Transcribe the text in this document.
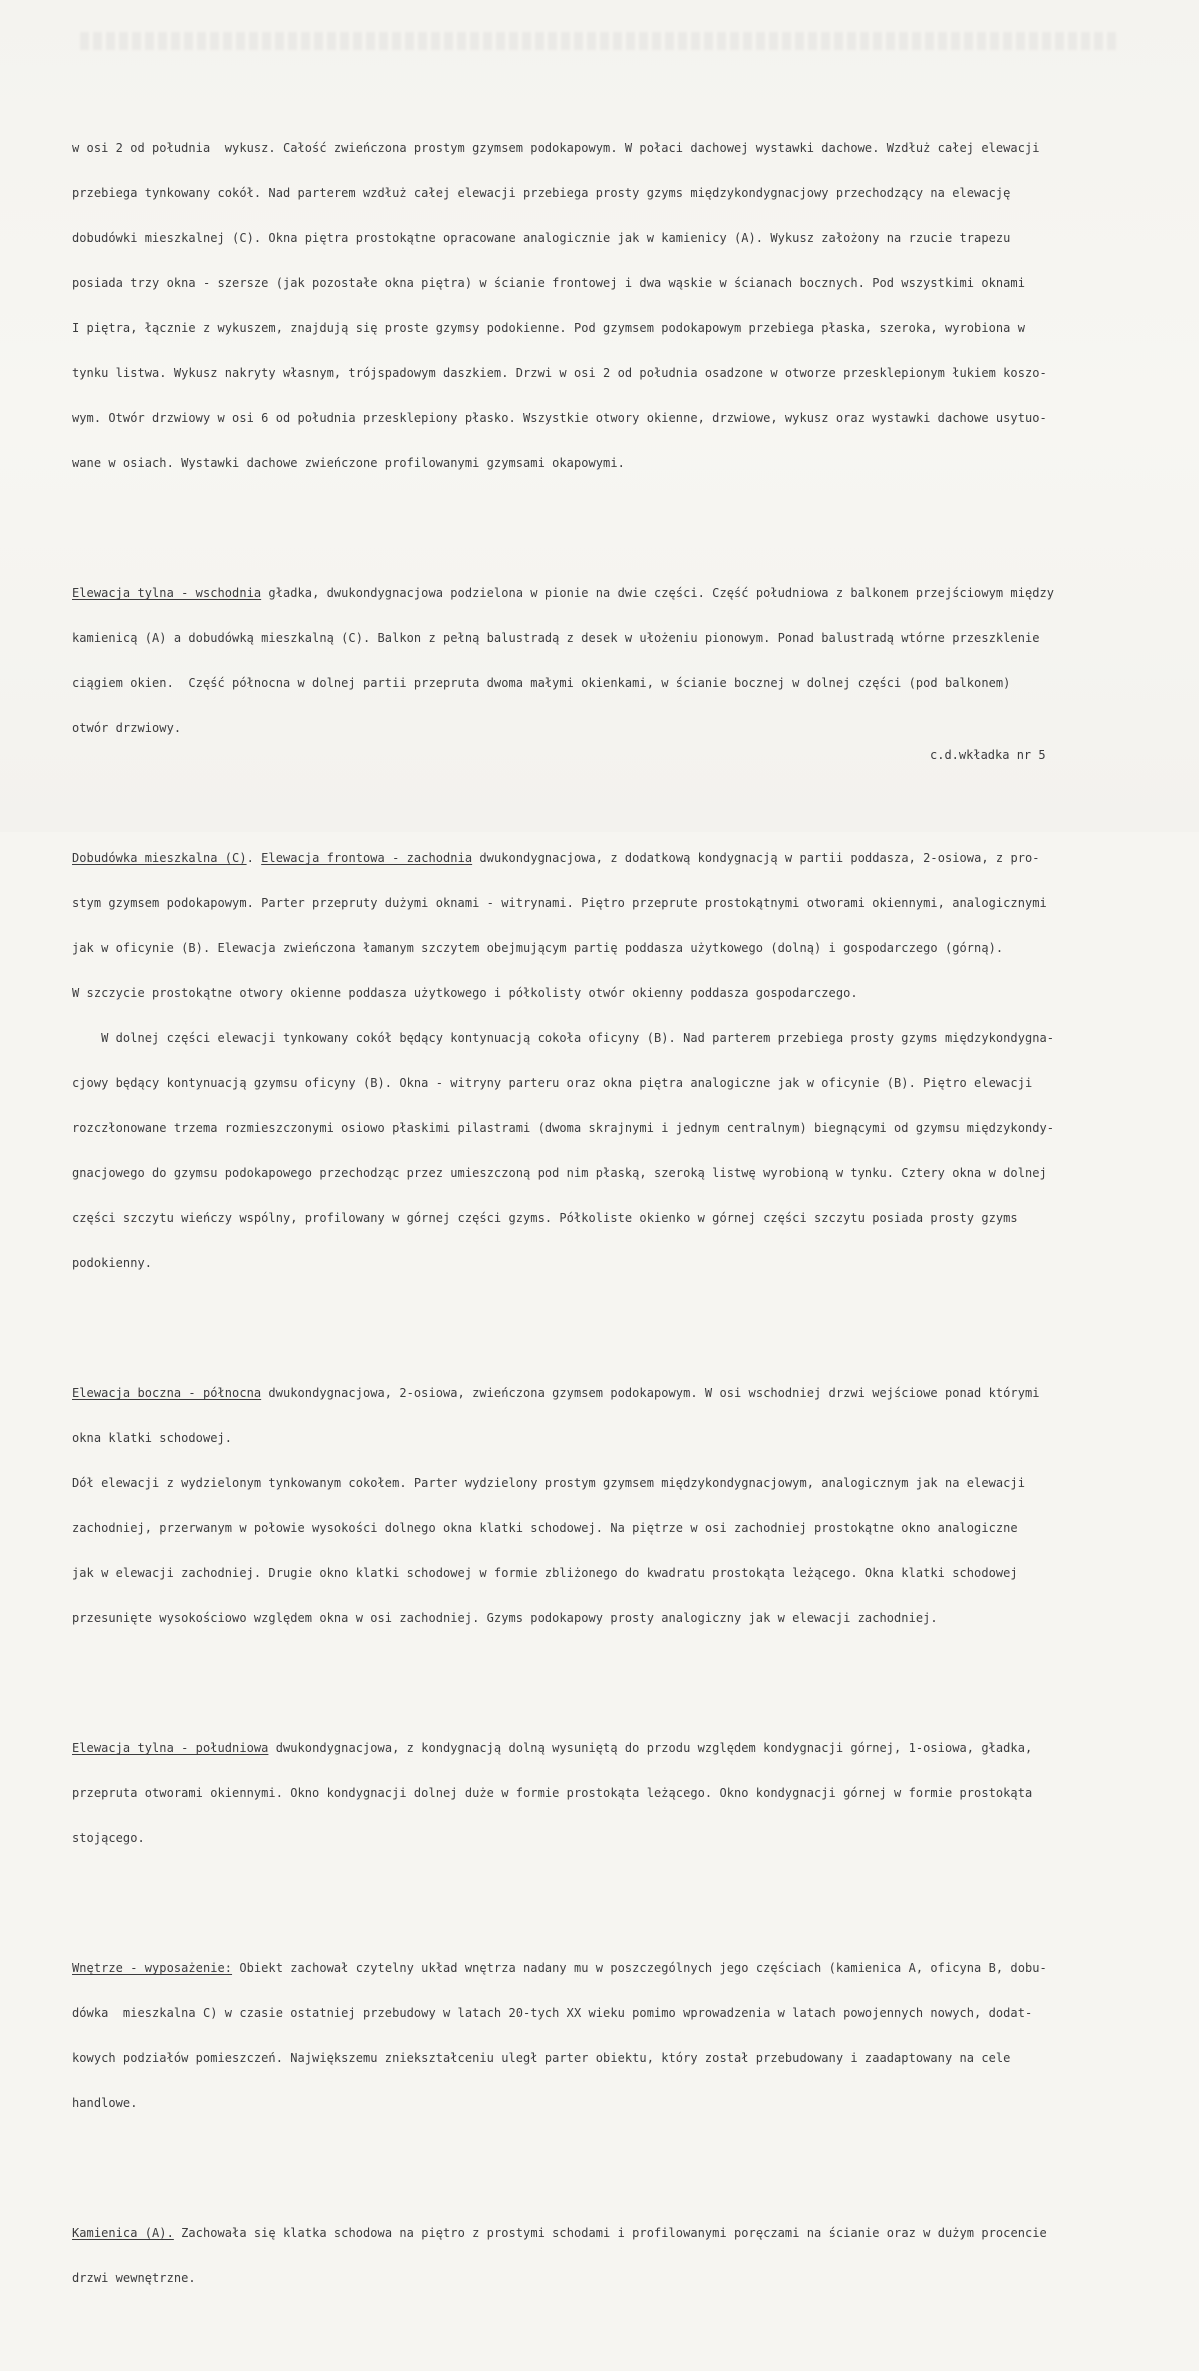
w osi 2 od południa  wykusz. Całość zwieńczona prostym gzymsem podokapowym. W połaci dachowej wystawki dachowe. Wzdłuż całej elewacji

przebiega tynkowany cokół. Nad parterem wzdłuż całej elewacji przebiega prosty gzyms międzykondygnacjowy przechodzący na elewację

dobudówki mieszkalnej (C). Okna piętra prostokątne opracowane analogicznie jak w kamienicy (A). Wykusz założony na rzucie trapezu

posiada trzy okna - szersze (jak pozostałe okna piętra) w ścianie frontowej i dwa wąskie w ścianach bocznych. Pod wszystkimi oknami

I piętra, łącznie z wykuszem, znajdują się proste gzymsy podokienne. Pod gzymsem podokapowym przebiega płaska, szeroka, wyrobiona w

tynku listwa. Wykusz nakryty własnym, trójspadowym daszkiem. Drzwi w osi 2 od południa osadzone w otworze przesklepionym łukiem koszo-

wym. Otwór drzwiowy w osi 6 od południa przesklepiony płasko. Wszystkie otwory okienne, drzwiowe, wykusz oraz wystawki dachowe usytuo-

wane w osiach. Wystawki dachowe zwieńczone profilowanymi gzymsami okapowymi.

Elewacja tylna - wschodnia gładka, dwukondygnacjowa podzielona w pionie na dwie części. Część południowa z balkonem przejściowym między

kamienicą (A) a dobudówką mieszkalną (C). Balkon z pełną balustradą z desek w ułożeniu pionowym. Ponad balustradą wtórne przeszklenie

ciągiem okien.  Część północna w dolnej partii przepruta dwoma małymi okienkami, w ścianie bocznej w dolnej części (pod balkonem)

otwór drzwiowy.

Dobudówka mieszkalna (C). Elewacja frontowa - zachodnia dwukondygnacjowa, z dodatkową kondygnacją w partii poddasza, 2-osiowa, z pro-

stym gzymsem podokapowym. Parter przepruty dużymi oknami - witrynami. Piętro przeprute prostokątnymi otworami okiennymi, analogicznymi

jak w oficynie (B). Elewacja zwieńczona łamanym szczytem obejmującym partię poddasza użytkowego (dolną) i gospodarczego (górną).

W szczycie prostokątne otwory okienne poddasza użytkowego i półkolisty otwór okienny poddasza gospodarczego.

W dolnej części elewacji tynkowany cokół będący kontynuacją cokoła oficyny (B). Nad parterem przebiega prosty gzyms międzykondygna-

cjowy będący kontynuacją gzymsu oficyny (B). Okna - witryny parteru oraz okna piętra analogiczne jak w oficynie (B). Piętro elewacji

rozczłonowane trzema rozmieszczonymi osiowo płaskimi pilastrami (dwoma skrajnymi i jednym centralnym) biegnącymi od gzymsu międzykondy-

gnacjowego do gzymsu podokapowego przechodząc przez umieszczoną pod nim płaską, szeroką listwę wyrobioną w tynku. Cztery okna w dolnej

części szczytu wieńczy wspólny, profilowany w górnej części gzyms. Półkoliste okienko w górnej części szczytu posiada prosty gzyms

podokienny.

Elewacja boczna - północna dwukondygnacjowa, 2-osiowa, zwieńczona gzymsem podokapowym. W osi wschodniej drzwi wejściowe ponad którymi

okna klatki schodowej.

Dół elewacji z wydzielonym tynkowanym cokołem. Parter wydzielony prostym gzymsem międzykondygnacjowym, analogicznym jak na elewacji

zachodniej, przerwanym w połowie wysokości dolnego okna klatki schodowej. Na piętrze w osi zachodniej prostokątne okno analogiczne

jak w elewacji zachodniej. Drugie okno klatki schodowej w formie zbliżonego do kwadratu prostokąta leżącego. Okna klatki schodowej

przesunięte wysokościowo względem okna w osi zachodniej. Gzyms podokapowy prosty analogiczny jak w elewacji zachodniej.

Elewacja tylna - południowa dwukondygnacjowa, z kondygnacją dolną wysuniętą do przodu względem kondygnacji górnej, 1-osiowa, gładka,

przepruta otworami okiennymi. Okno kondygnacji dolnej duże w formie prostokąta leżącego. Okno kondygnacji górnej w formie prostokąta

stojącego.

Wnętrze - wyposażenie: Obiekt zachował czytelny układ wnętrza nadany mu w poszczególnych jego częściach (kamienica A, oficyna B, dobu-

dówka  mieszkalna C) w czasie ostatniej przebudowy w latach 20-tych XX wieku pomimo wprowadzenia w latach powojennych nowych, dodat-

kowych podziałów pomieszczeń. Największemu zniekształceniu uległ parter obiektu, który został przebudowany i zaadaptowany na cele

handlowe.

Kamienica (A). Zachowała się klatka schodowa na piętro z prostymi schodami i profilowanymi poręczami na ścianie oraz w dużym procencie

drzwi wewnętrzne.

c.d.wkładka nr 5
